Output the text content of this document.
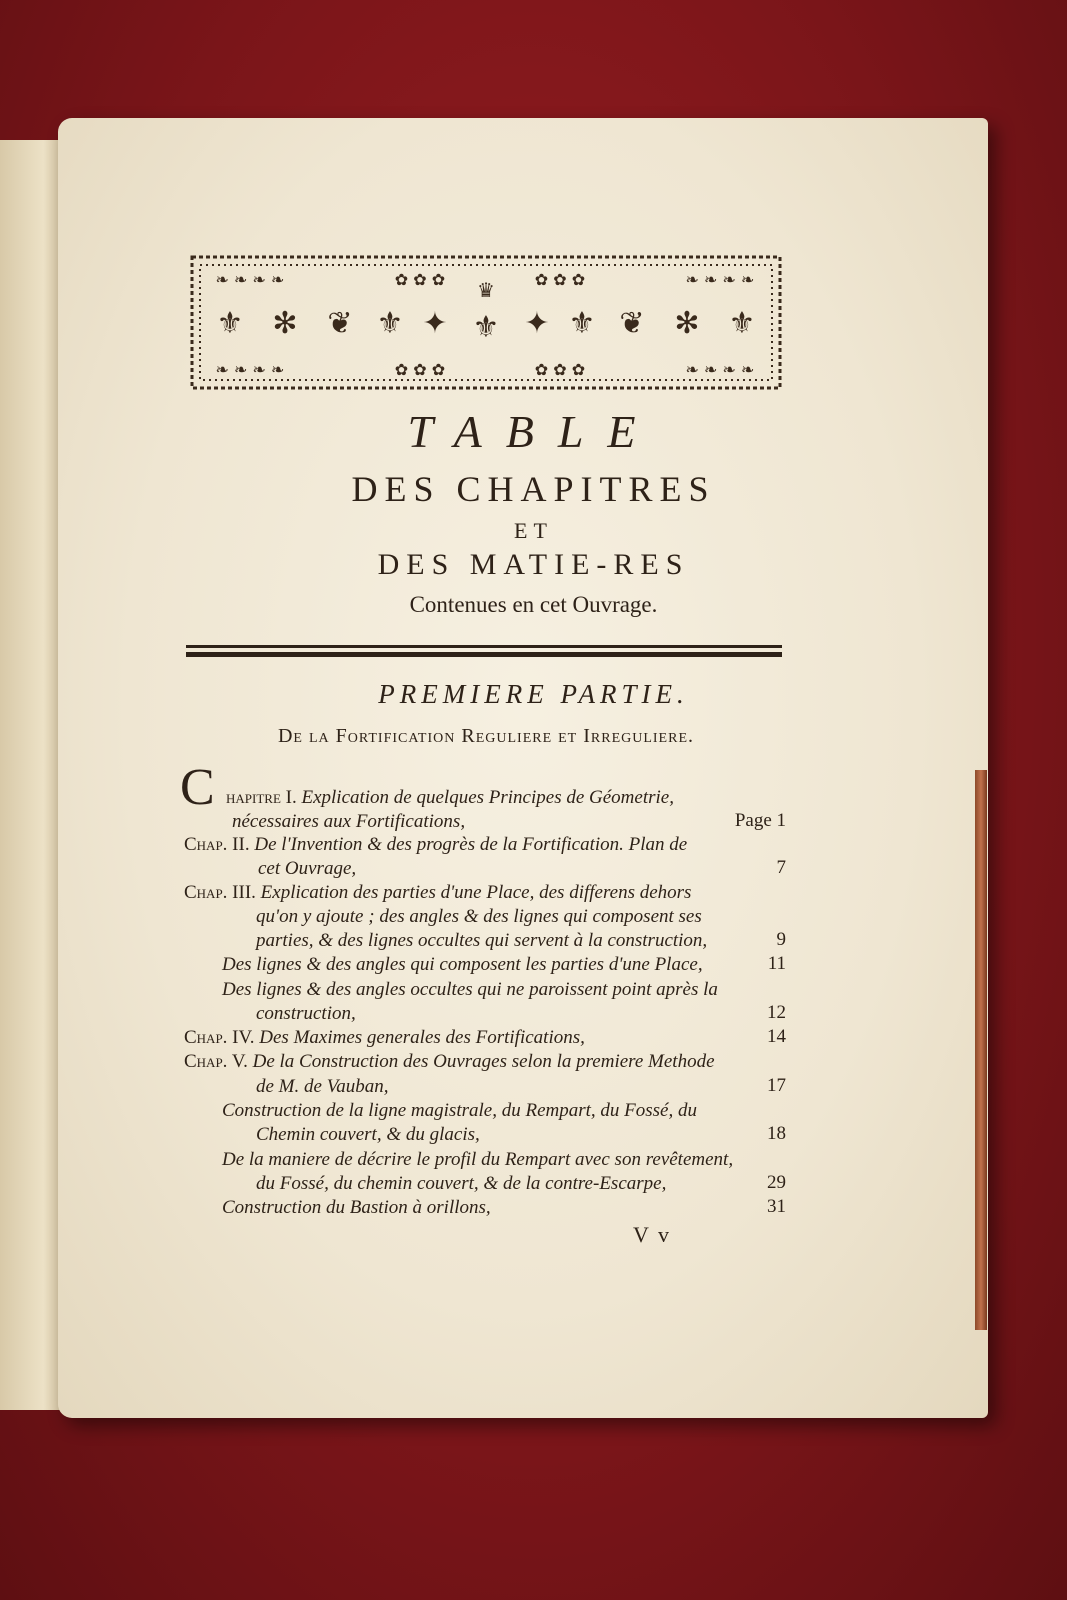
⚜ ✻ ❦ ⚜ ✦ ⚜
♛
✦ ⚜ ❦ ✻ ⚜
❧ ❧ ❧ ❧	✿ ✿ ✿	✿ ✿ ✿	❧ ❧ ❧ ❧
❧ ❧ ❧ ❧	✿ ✿ ✿	✿ ✿ ✿	❧ ❧ ❧ ❧
TABLE
DES CHAPITRES
ET
DES MATIE-RES
Contenues en cet Ouvrage.
PREMIERE PARTIE.
De la Fortification Reguliere et Irreguliere.
C hapitre I. Explication de quelques Principes de Géometrie,
nécessaires aux Fortifications,	Page 1
Chap. II. De l'Invention & des progrès de la Fortification. Plan de
cet Ouvrage,	7
Chap. III. Explication des parties d'une Place, des differens dehors
qu'on y ajoute ; des angles & des lignes qui composent ses
parties, & des lignes occultes qui servent à la construction,	9
Des lignes & des angles qui composent les parties d'une Place,	11
Des lignes & des angles occultes qui ne paroissent point après la
construction,	12
Chap. IV. Des Maximes generales des Fortifications,	14
Chap. V. De la Construction des Ouvrages selon la premiere Methode
de M. de Vauban,	17
Construction de la ligne magistrale, du Rempart, du Fossé, du
Chemin couvert, & du glacis,	18
De la maniere de décrire le profil du Rempart avec son revêtement,
du Fossé, du chemin couvert, & de la contre-Escarpe,	29
Construction du Bastion à orillons,	31
V v
